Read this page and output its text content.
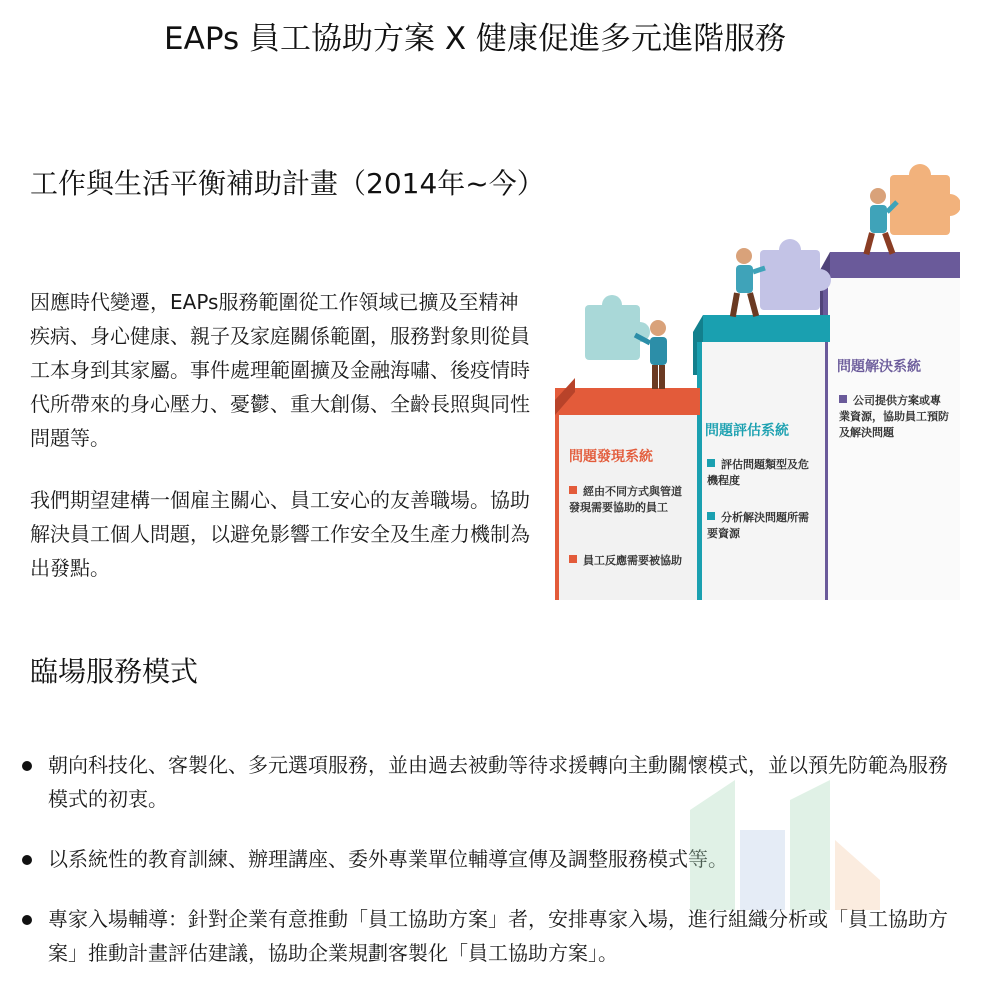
EAPs 員工協助方案 X 健康促進多元進階服務
工作與生活平衡補助計畫（2014年~今）

因應時代變遷，EAPs服務範圍從工作領域已擴及至精神疾病、身心健康、親子及家庭關係範圍，服務對象則從員工本身到其家屬。事件處理範圍擴及金融海嘯、後疫情時代所帶來的身心壓力、憂鬱、重大創傷、全齡長照與同性問題等。

我們期望建構一個雇主關心、員工安心的友善職場。協助解決員工個人問題，以避免影響工作安全及生產力機制為出發點。

問題發現系統
經由不同方式與管道發現需要協助的員工
員工反應需要被協助
問題評估系統
評估問題類型及危機程度
分析解決問題所需要資源
問題解決系統
公司提供方案或專業資源，協助員工預防及解決問題
臨場服務模式
朝向科技化、客製化、多元選項服務，並由過去被動等待求援轉向主動關懷模式，並以預先防範為服務模式的初衷。
以系統性的教育訓練、辦理講座、委外專業單位輔導宣傳及調整服務模式等。
專家入場輔導：針對企業有意推動「員工協助方案」者，安排專家入場，進行組織分析或「員工協助方案」推動計畫評估建議，協助企業規劃客製化「員工協助方案」。
